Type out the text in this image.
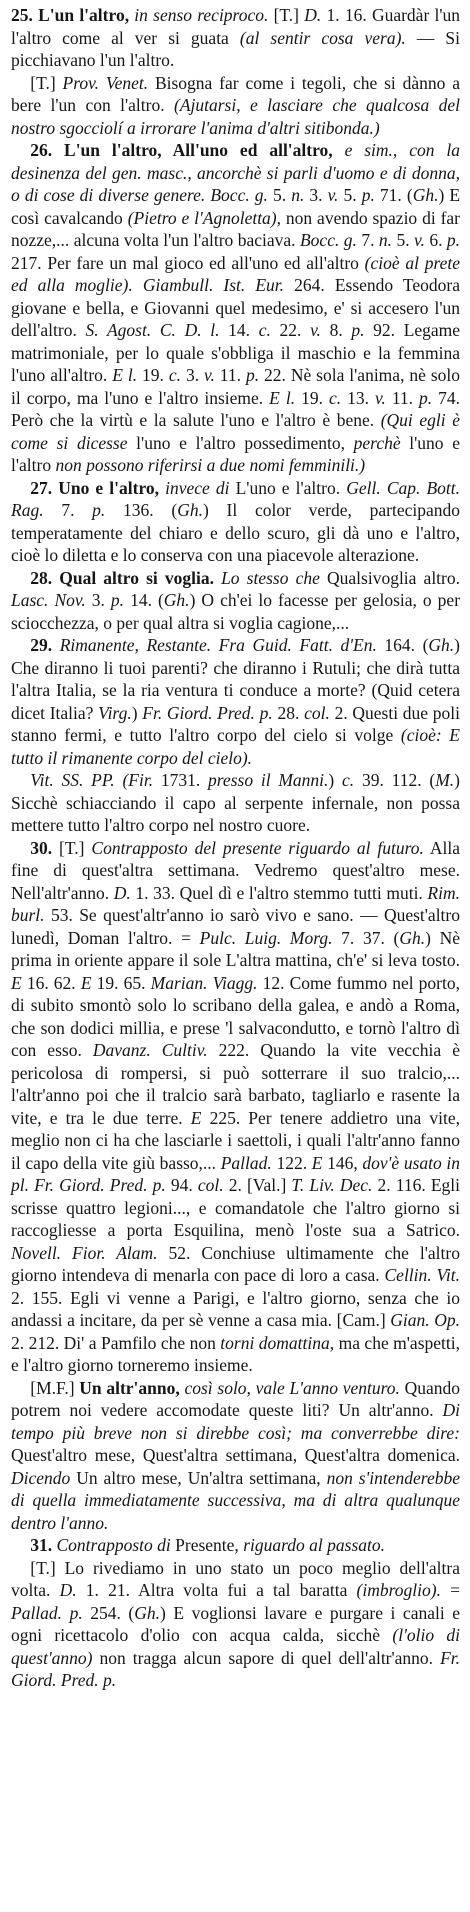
25. L'un l'altro, in senso reciproco. [T.] D. 1. 16. Guardàr l'un l'altro come al ver si guata (al sentir cosa vera). — Si picchiavano l'un l'altro.

[T.] Prov. Venet. Bisogna far come i tegoli, che si dànno a bere l'un con l'altro. (Ajutarsi, e lasciare che qualcosa del nostro sgocciolí a irrorare l'anima d'altri sitibonda.)

26. L'un l'altro, All'uno ed all'altro, e sim., con la desinenza del gen. masc., ancorchè si parli d'uomo e di donna, o di cose di diverse genere. Bocc. g. 5. n. 3. v. 5. p. 71. (Gh.) E così cavalcando (Pietro e l'Agnoletta), non avendo spazio di far nozze,... alcuna volta l'un l'altro baciava. Bocc. g. 7. n. 5. v. 6. p. 217. Per fare un mal gioco ed all'uno ed all'altro (cioè al prete ed alla moglie). Giambull. Ist. Eur. 264. Essendo Teodora giovane e bella, e Giovanni quel medesimo, e' si accesero l'un dell'altro. S. Agost. C. D. l. 14. c. 22. v. 8. p. 92. Legame matrimoniale, per lo quale s'obbliga il maschio e la femmina l'uno all'altro. E l. 19. c. 3. v. 11. p. 22. Nè sola l'anima, nè solo il corpo, ma l'uno e l'altro insieme. E l. 19. c. 13. v. 11. p. 74. Però che la virtù e la salute l'uno e l'altro è bene. (Qui egli è come si dicesse l'uno e l'altro possedimento, perchè l'uno e l'altro non possono riferirsi a due nomi femminili.)

27. Uno e l'altro, invece di L'uno e l'altro. Gell. Cap. Bott. Rag. 7. p. 136. (Gh.) Il color verde, partecipando temperatamente del chiaro e dello scuro, gli dà uno e l'altro, cioè lo diletta e lo conserva con una piacevole alterazione.

28. Qual altro si voglia. Lo stesso che Qualsivoglia altro. Lasc. Nov. 3. p. 14. (Gh.) O ch'ei lo facesse per gelosia, o per sciocchezza, o per qual altra si voglia cagione,...

29. Rimanente, Restante. Fra Guid. Fatt. d'En. 164. (Gh.) Che diranno li tuoi parenti? che diranno i Rutuli; che dirà tutta l'altra Italia, se la ria ventura ti conduce a morte? (Quid cetera dicet Italia? Virg.) Fr. Giord. Pred. p. 28. col. 2. Questi due poli stanno fermi, e tutto l'altro corpo del cielo si volge (cioè: E tutto il rimanente corpo del cielo).

Vit. SS. PP. (Fir. 1731. presso il Manni.) c. 39. 112. (M.) Sicchè schiacciando il capo al serpente infernale, non possa mettere tutto l'altro corpo nel nostro cuore.

30. [T.] Contrapposto del presente riguardo al futuro. Alla fine di quest'altra settimana. Vedremo quest'altro mese. Nell'altr'anno. D. 1. 33. Quel dì e l'altro stemmo tutti muti. Rim. burl. 53. Se quest'altr'anno io sarò vivo e sano. — Quest'altro lunedì, Doman l'altro. = Pulc. Luig. Morg. 7. 37. (Gh.) Nè prima in oriente appare il sole L'altra mattina, ch'e' si leva tosto. E 16. 62. E 19. 65. Marian. Viagg. 12. Come fummo nel porto, di subito smontò solo lo scribano della galea, e andò a Roma, che son dodici millia, e prese 'l salvacondutto, e tornò l'altro dì con esso. Davanz. Cultiv. 222. Quando la vite vecchia è pericolosa di rompersi, si può sotterrare il suo tralcio,... l'altr'anno poi che il tralcio sarà barbato, tagliarlo e rasente la vite, e tra le due terre. E 225. Per tenere addietro una vite, meglio non ci ha che lasciarle i saettoli, i quali l'altr'anno fanno il capo della vite giù basso,... Pallad. 122. E 146, dov'è usato in pl. Fr. Giord. Pred. p. 94. col. 2. [Val.] T. Liv. Dec. 2. 116. Egli scrisse quattro legioni..., e comandatole che l'altro giorno si raccogliesse a porta Esquilina, menò l'oste sua a Satrico. Novell. Fior. Alam. 52. Conchiuse ultimamente che l'altro giorno intendeva di menarla con pace di loro a casa. Cellin. Vit. 2. 155. Egli vi venne a Parigi, e l'altro giorno, senza che io andassi a incitare, da per sè venne a casa mia. [Cam.] Gian. Op. 2. 212. Di' a Pamfilo che non torni domattina, ma che m'aspetti, e l'altro giorno torneremo insieme.

[M.F.] Un altr'anno, così solo, vale L'anno venturo. Quando potrem noi vedere accomodate queste liti? Un altr'anno. Di tempo più breve non si direbbe così; ma converrebbe dire: Quest'altro mese, Quest'altra settimana, Quest'altra domenica. Dicendo Un altro mese, Un'altra settimana, non s'intenderebbe di quella immediatamente successiva, ma di altra qualunque dentro l'anno.

31. Contrapposto di Presente, riguardo al passato.

[T.] Lo rivediamo in uno stato un poco meglio dell'altra volta. D. 1. 21. Altra volta fui a tal baratta (imbroglio). = Pallad. p. 254. (Gh.) E voglionsi lavare e purgare i canali e ogni ricettacolo d'olio con acqua calda, sicchè (l'olio di quest'anno) non tragga alcun sapore di quel dell'altr'anno. Fr. Giord. Pred. p.
